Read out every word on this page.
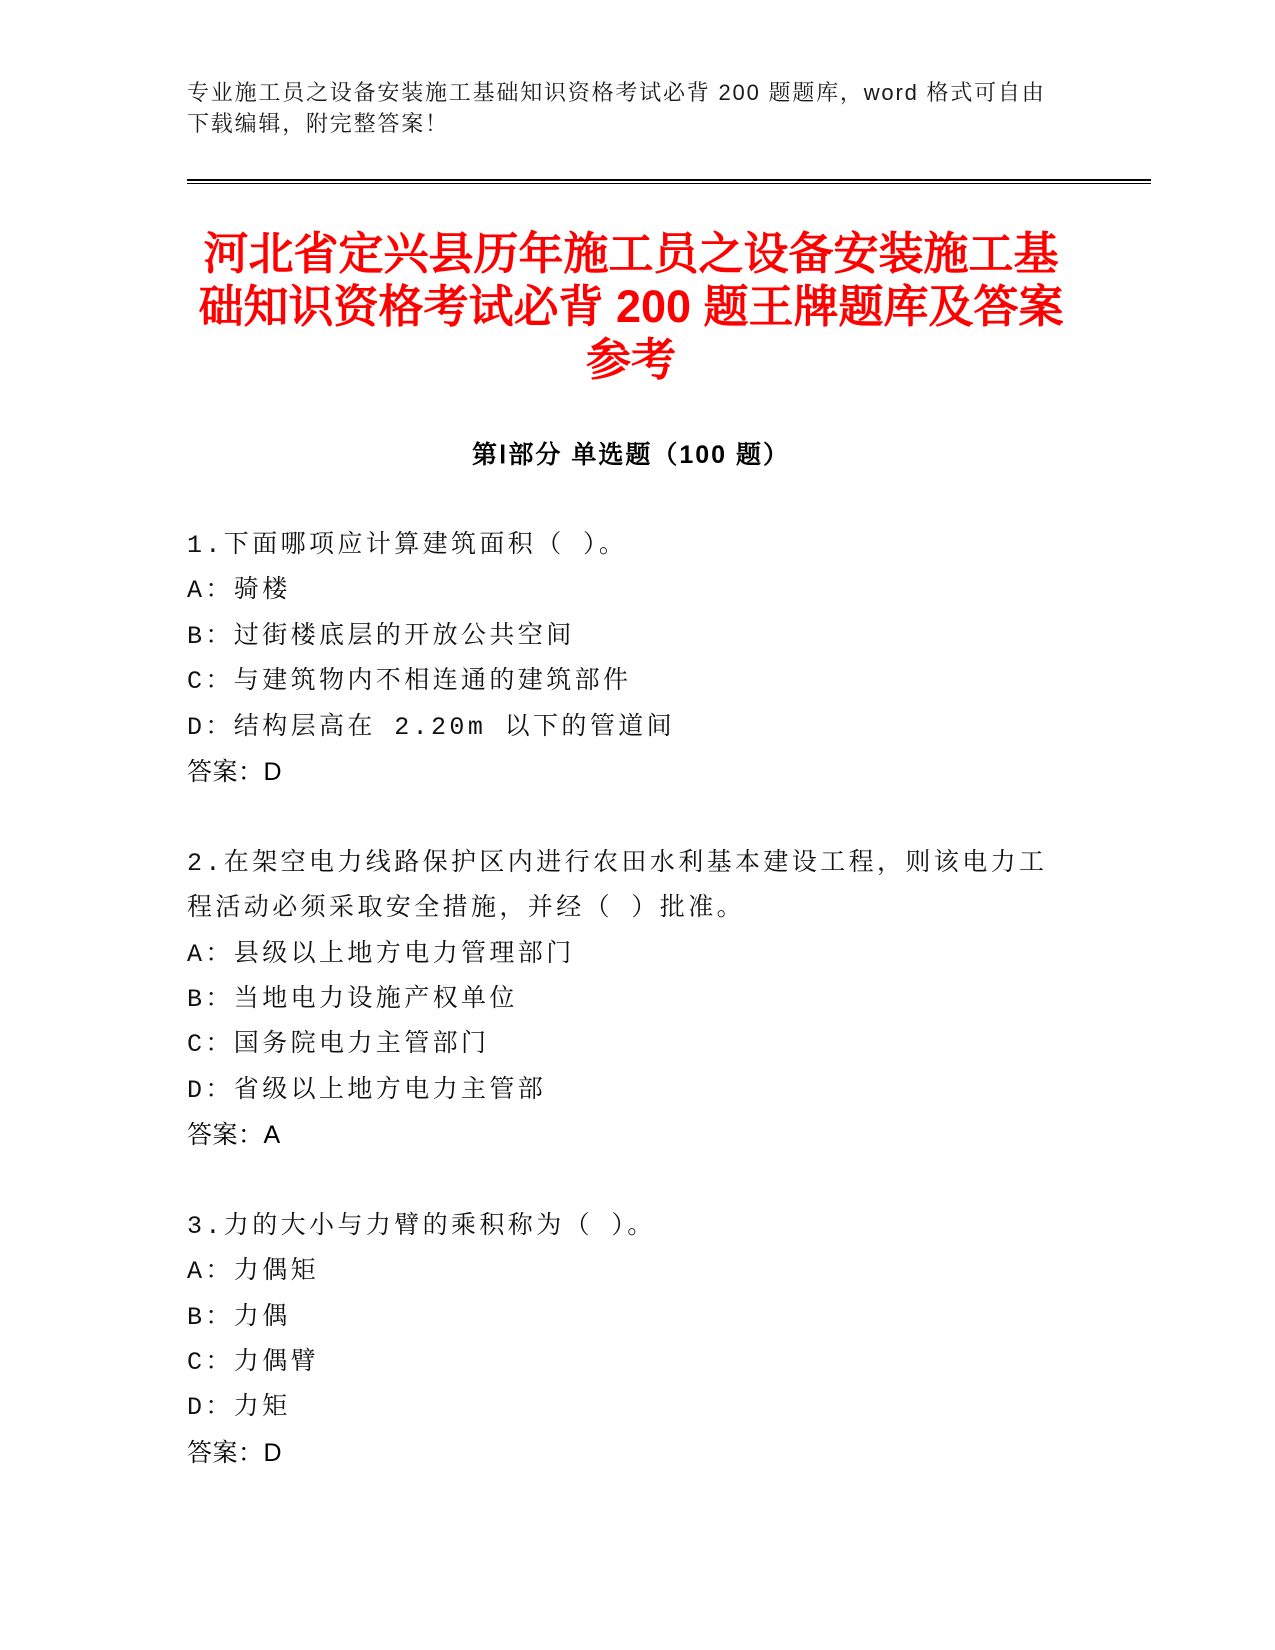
专业施工员之设备安装施工基础知识资格考试必背 200 题题库，word 格式可自由
下载编辑，附完整答案！
河北省定兴县历年施工员之设备安装施工基
础知识资格考试必背 200 题王牌题库及答案
参考
第Ⅰ部分 单选题（100 题）
1.下面哪项应计算建筑面积（ ）。
A：骑楼
B：过街楼底层的开放公共空间
C：与建筑物内不相连通的建筑部件
D：结构层高在 2.20m 以下的管道间
答案：D
2.在架空电力线路保护区内进行农田水利基本建设工程，则该电力工
程活动必须采取安全措施，并经（ ）批准。
A：县级以上地方电力管理部门
B：当地电力设施产权单位
C：国务院电力主管部门
D：省级以上地方电力主管部
答案：A
3.力的大小与力臂的乘积称为（ ）。
A：力偶矩
B：力偶
C：力偶臂
D：力矩
答案：D
